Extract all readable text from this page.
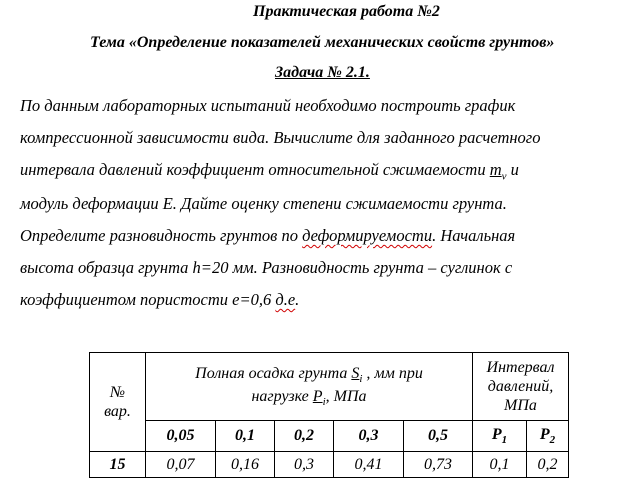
Практическая работа №2
Тема «Определение показателей механических свойств грунтов»
Задача № 2.1.
По данным лабораторных испытаний необходимо построить график
компрессионной зависимости вида. Вычислите для заданного расчетного
интервала давлений коэффициент относительной сжимаемости $m_v$ и
модуль деформации E. Дайте оценку степени сжимаемости грунта.
Определите разновидность грунтов по деформируемости. Начальная
высота образца грунта h=20 мм. Разновидность грунта – суглинок с
коэффициентом пористости e=0,6 д.е.
№
вар.	Полная осадка грунта $S_i$ , мм при
нагрузке $P_i$, МПа					Интервал
давлений,
МПа	
	0,05	0,1	0,2	0,3	0,5	$P_1$	$P_2$
15	0,07	0,16	0,3	0,41	0,73	0,1	0,2
